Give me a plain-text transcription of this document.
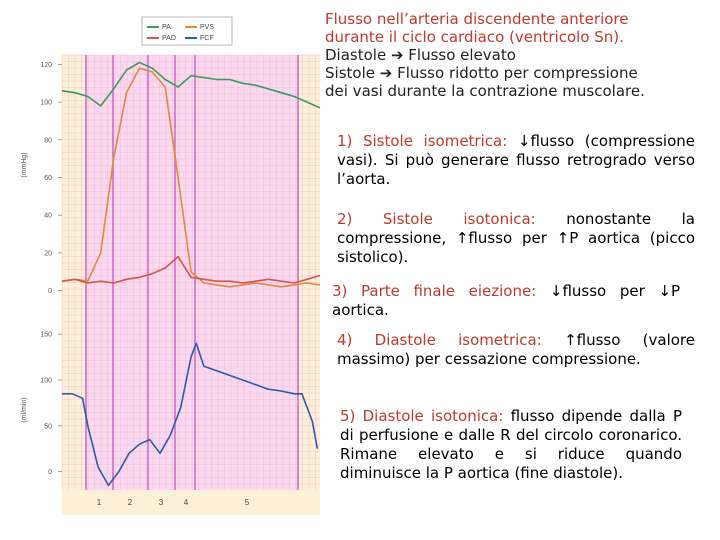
0
20
40
60
80
100
120
0
50
100
150
(mmHg)
(ml/min)
1	2	3	4	5
PA
PAD
PVS
FCF
Flusso nell’arteria discendente anteriore
durante il ciclo cardiaco (ventricolo Sn).
Diastole ➔ Flusso elevato
Sistole ➔ Flusso ridotto per compressione
dei vasi durante la contrazione muscolare.
1) Sistole isometrica: ↓flusso (compressione vasi). Si può generare flusso retrogrado verso l’aorta.
2) Sistole isotonica: nonostante la compressione, ↑flusso per ↑P aortica (picco sistolico).
3) Parte finale eiezione: ↓flusso per ↓P aortica.
4) Diastole isometrica: ↑flusso (valore massimo) per cessazione compressione.
5) Diastole isotonica: flusso dipende dalla P di perfusione e dalle R del circolo coronarico. Rimane elevato e si riduce quando diminuisce la P aortica (fine diastole).
